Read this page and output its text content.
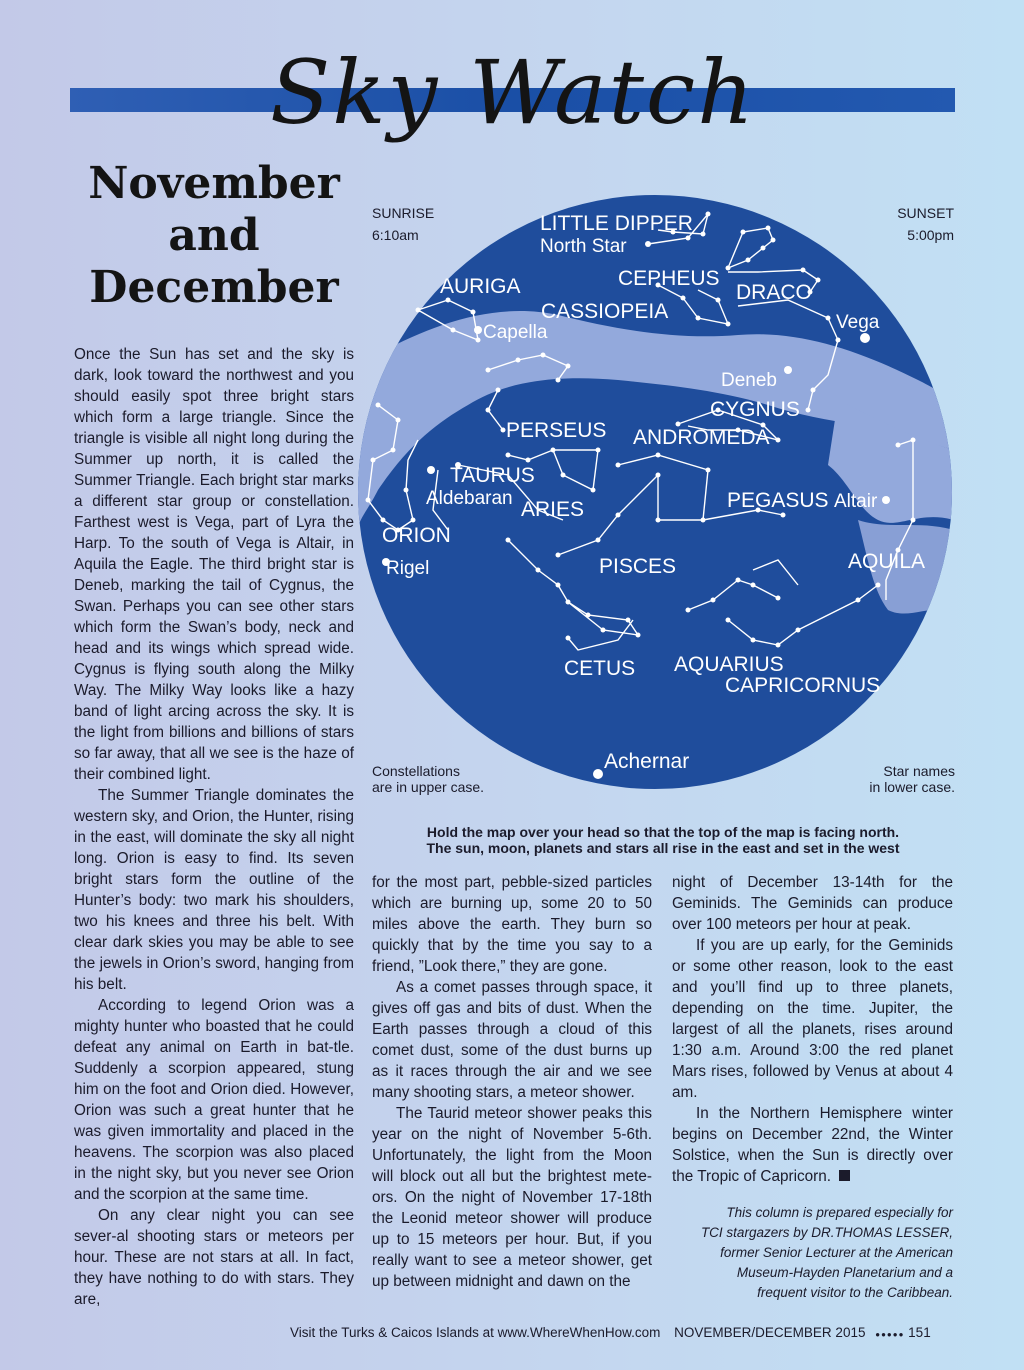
Sky Watch
November
and
December
SUNRISE
6:10am
SUNSET
5:00pm
LITTLE DIPPER
North Star
CEPHEUS
DRACO
AURIGA
CASSIOPEIA
Capella	Vega
Deneb
CYGNUS
PERSEUS ANDROMEDA
TAURUS
Aldebaran ARIES	PEGASUS Altair
ORION
Rigel	PISCES	AQUILA
CETUS AQUARIUS
CAPRICORNUS
Achernar
Constellations
are in upper case.
Star names
in lower case.
Hold the map over your head so that the top of the map is facing north.
The sun, moon, planets and stars all rise in the east and set in the west

Once the Sun has set and the sky is dark, look toward the northwest and you should easily spot three bright stars which form a large triangle. Since the triangle is visible all night long during the Summer up north, it is called the Summer Triangle. Each bright star marks a different star group or constellation. Farthest west is Vega, part of Lyra the Harp. To the south of Vega is Altair, in Aquila the Eagle. The third bright star is Deneb, marking the tail of Cygnus, the Swan. Perhaps you can see other stars which form the Swan’s body, neck and head and its wings which spread wide. Cygnus is flying south along the Milky Way. The Milky Way looks like a hazy band of light arcing across the sky. It is the light from billions and billions of stars so far away, that all we see is the haze of their combined light.

The Summer Triangle dominates the western sky, and Orion, the Hunter, rising in the east, will dominate the sky all night long. Orion is easy to find. Its seven bright stars form the outline of the Hunter’s body: two mark his shoulders, two his knees and three his belt. With clear dark skies you may be able to see the jewels in Orion’s sword, hanging from his belt.

According to legend Orion was a mighty hunter who boasted that he could defeat any animal on Earth in bat-tle. Suddenly a scorpion appeared, stung him on the foot and Orion died. However, Orion was such a great hunter that he was given immortality and placed in the heavens. The scorpion was also placed in the night sky, but you never see Orion and the scorpion at the same time.

On any clear night you can see sever-al shooting stars or meteors per hour. These are not stars at all. In fact, they have nothing to do with stars. They are,

for the most part, pebble-sized particles which are burning up, some 20 to 50 miles above the earth. They burn so quickly that by the time you say to a friend, ”Look there,” they are gone.

As a comet passes through space, it gives off gas and bits of dust. When the Earth passes through a cloud of this comet dust, some of the dust burns up as it races through the air and we see many shooting stars, a meteor shower.

The Taurid meteor shower peaks this year on the night of November 5-6th. Unfortunately, the light from the Moon will block out all but the brightest mete-ors. On the night of November 17-18th the Leonid meteor shower will produce up to 15 meteors per hour. But, if you really want to see a meteor shower, get up between midnight and dawn on the

night of December 13-14th for the Geminids. The Geminids can produce over 100 meteors per hour at peak.

If you are up early, for the Geminids or some other reason, look to the east and you’ll find up to three planets, depending on the time. Jupiter, the largest of all the planets, rises around 1:30 a.m. Around 3:00 the red planet Mars rises, followed by Venus at about 4 am.

In the Northern Hemisphere winter begins on December 22nd, the Winter Solstice, when the Sun is directly over the Tropic of Capricorn.

This column is prepared especially for
TCI stargazers by DR.THOMAS LESSER,
former Senior Lecturer at the American
Museum-Hayden Planetarium and a
frequent visitor to the Caribbean.
Visit the Turks & Caicos Islands at www.WhereWhenHow.com NOVEMBER/DECEMBER 2015 ●●●●● 151
